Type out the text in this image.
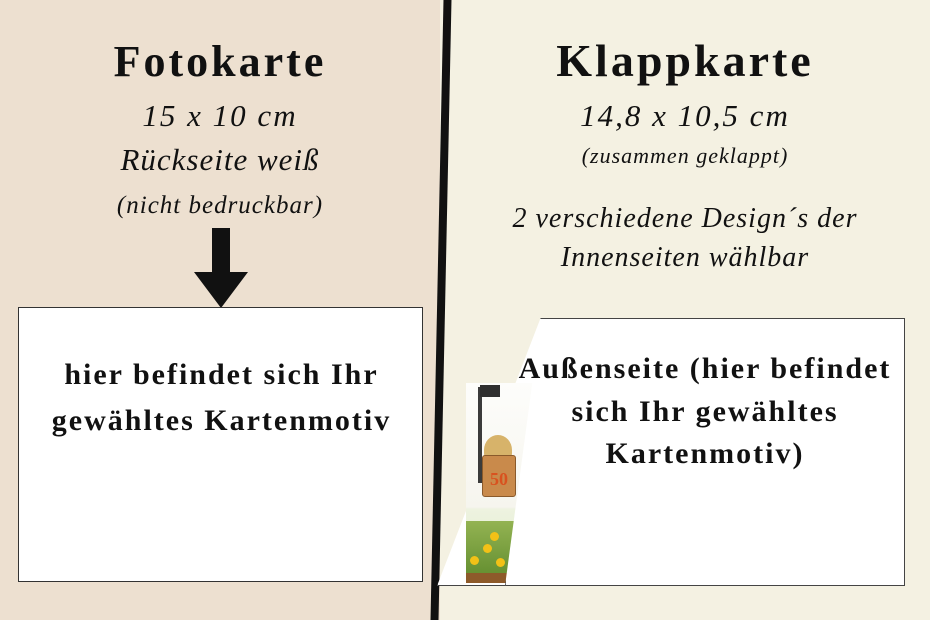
Fotokarte
15 x 10 cm
Rückseite weiß
(nicht bedruckbar)
hier befindet sich Ihr gewähltes Kartenmotiv
Klappkarte
14,8 x 10,5 cm
(zusammen geklappt)
2 verschiedene Design´s der Innenseiten wählbar
50
Außenseite (hier befindet sich Ihr gewähltes Kartenmotiv)
